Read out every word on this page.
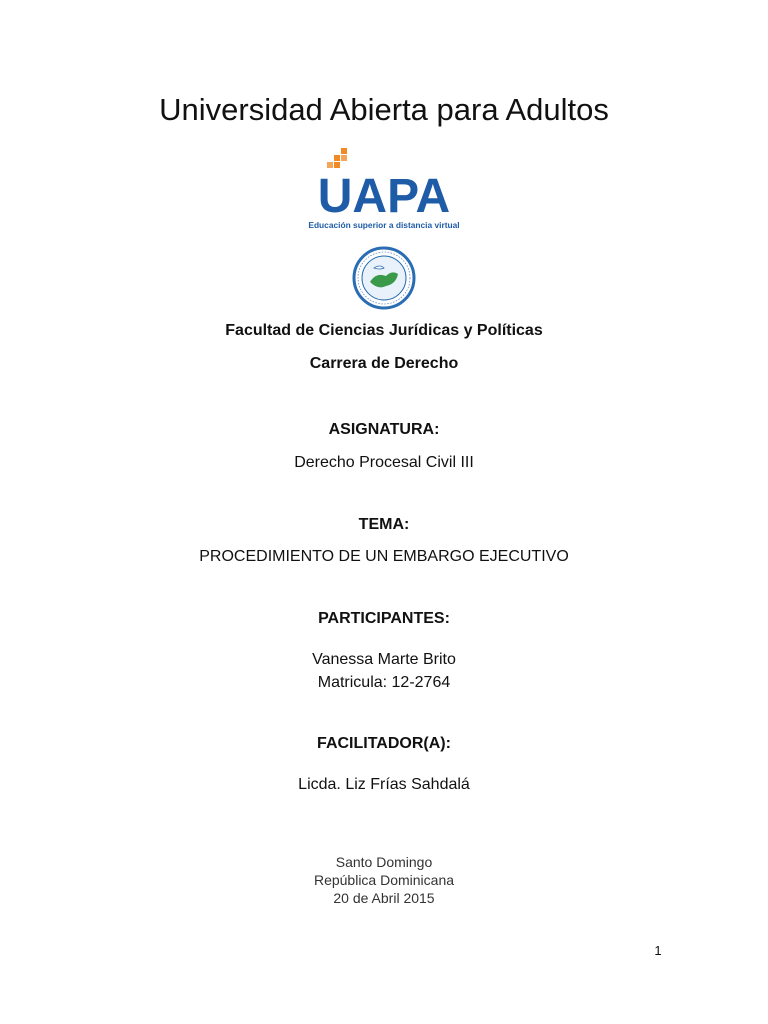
Universidad Abierta para Adultos
UAPA
Educación superior a distancia virtual
Facultad de Ciencias Jurídicas y Políticas
Carrera de Derecho
ASIGNATURA:
Derecho Procesal Civil III
TEMA:
PROCEDIMIENTO DE UN EMBARGO EJECUTIVO
PARTICIPANTES:
Vanessa Marte Brito
Matricula: 12-2764
FACILITADOR(A):
Licda. Liz Frías Sahdalá
Santo Domingo
República Dominicana
20 de Abril 2015
1
